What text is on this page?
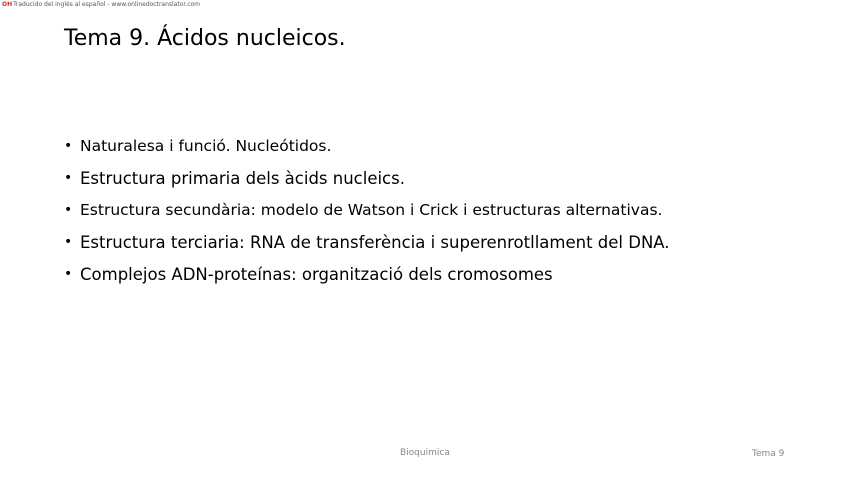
OH Traducido del inglés al español - www.onlinedoctranslator.com
Tema 9. Ácidos nucleicos.
• Naturalesa i funció. Nucleótidos.
• Estructura primaria dels àcids nucleics.
• Estructura secundària: modelo de Watson i Crick i estructuras alternativas.
• Estructura terciaria: RNA de transferència i superenrotllament del DNA.
• Complejos ADN-proteínas: organització dels cromosomes
Bioquimica	Tema 9
